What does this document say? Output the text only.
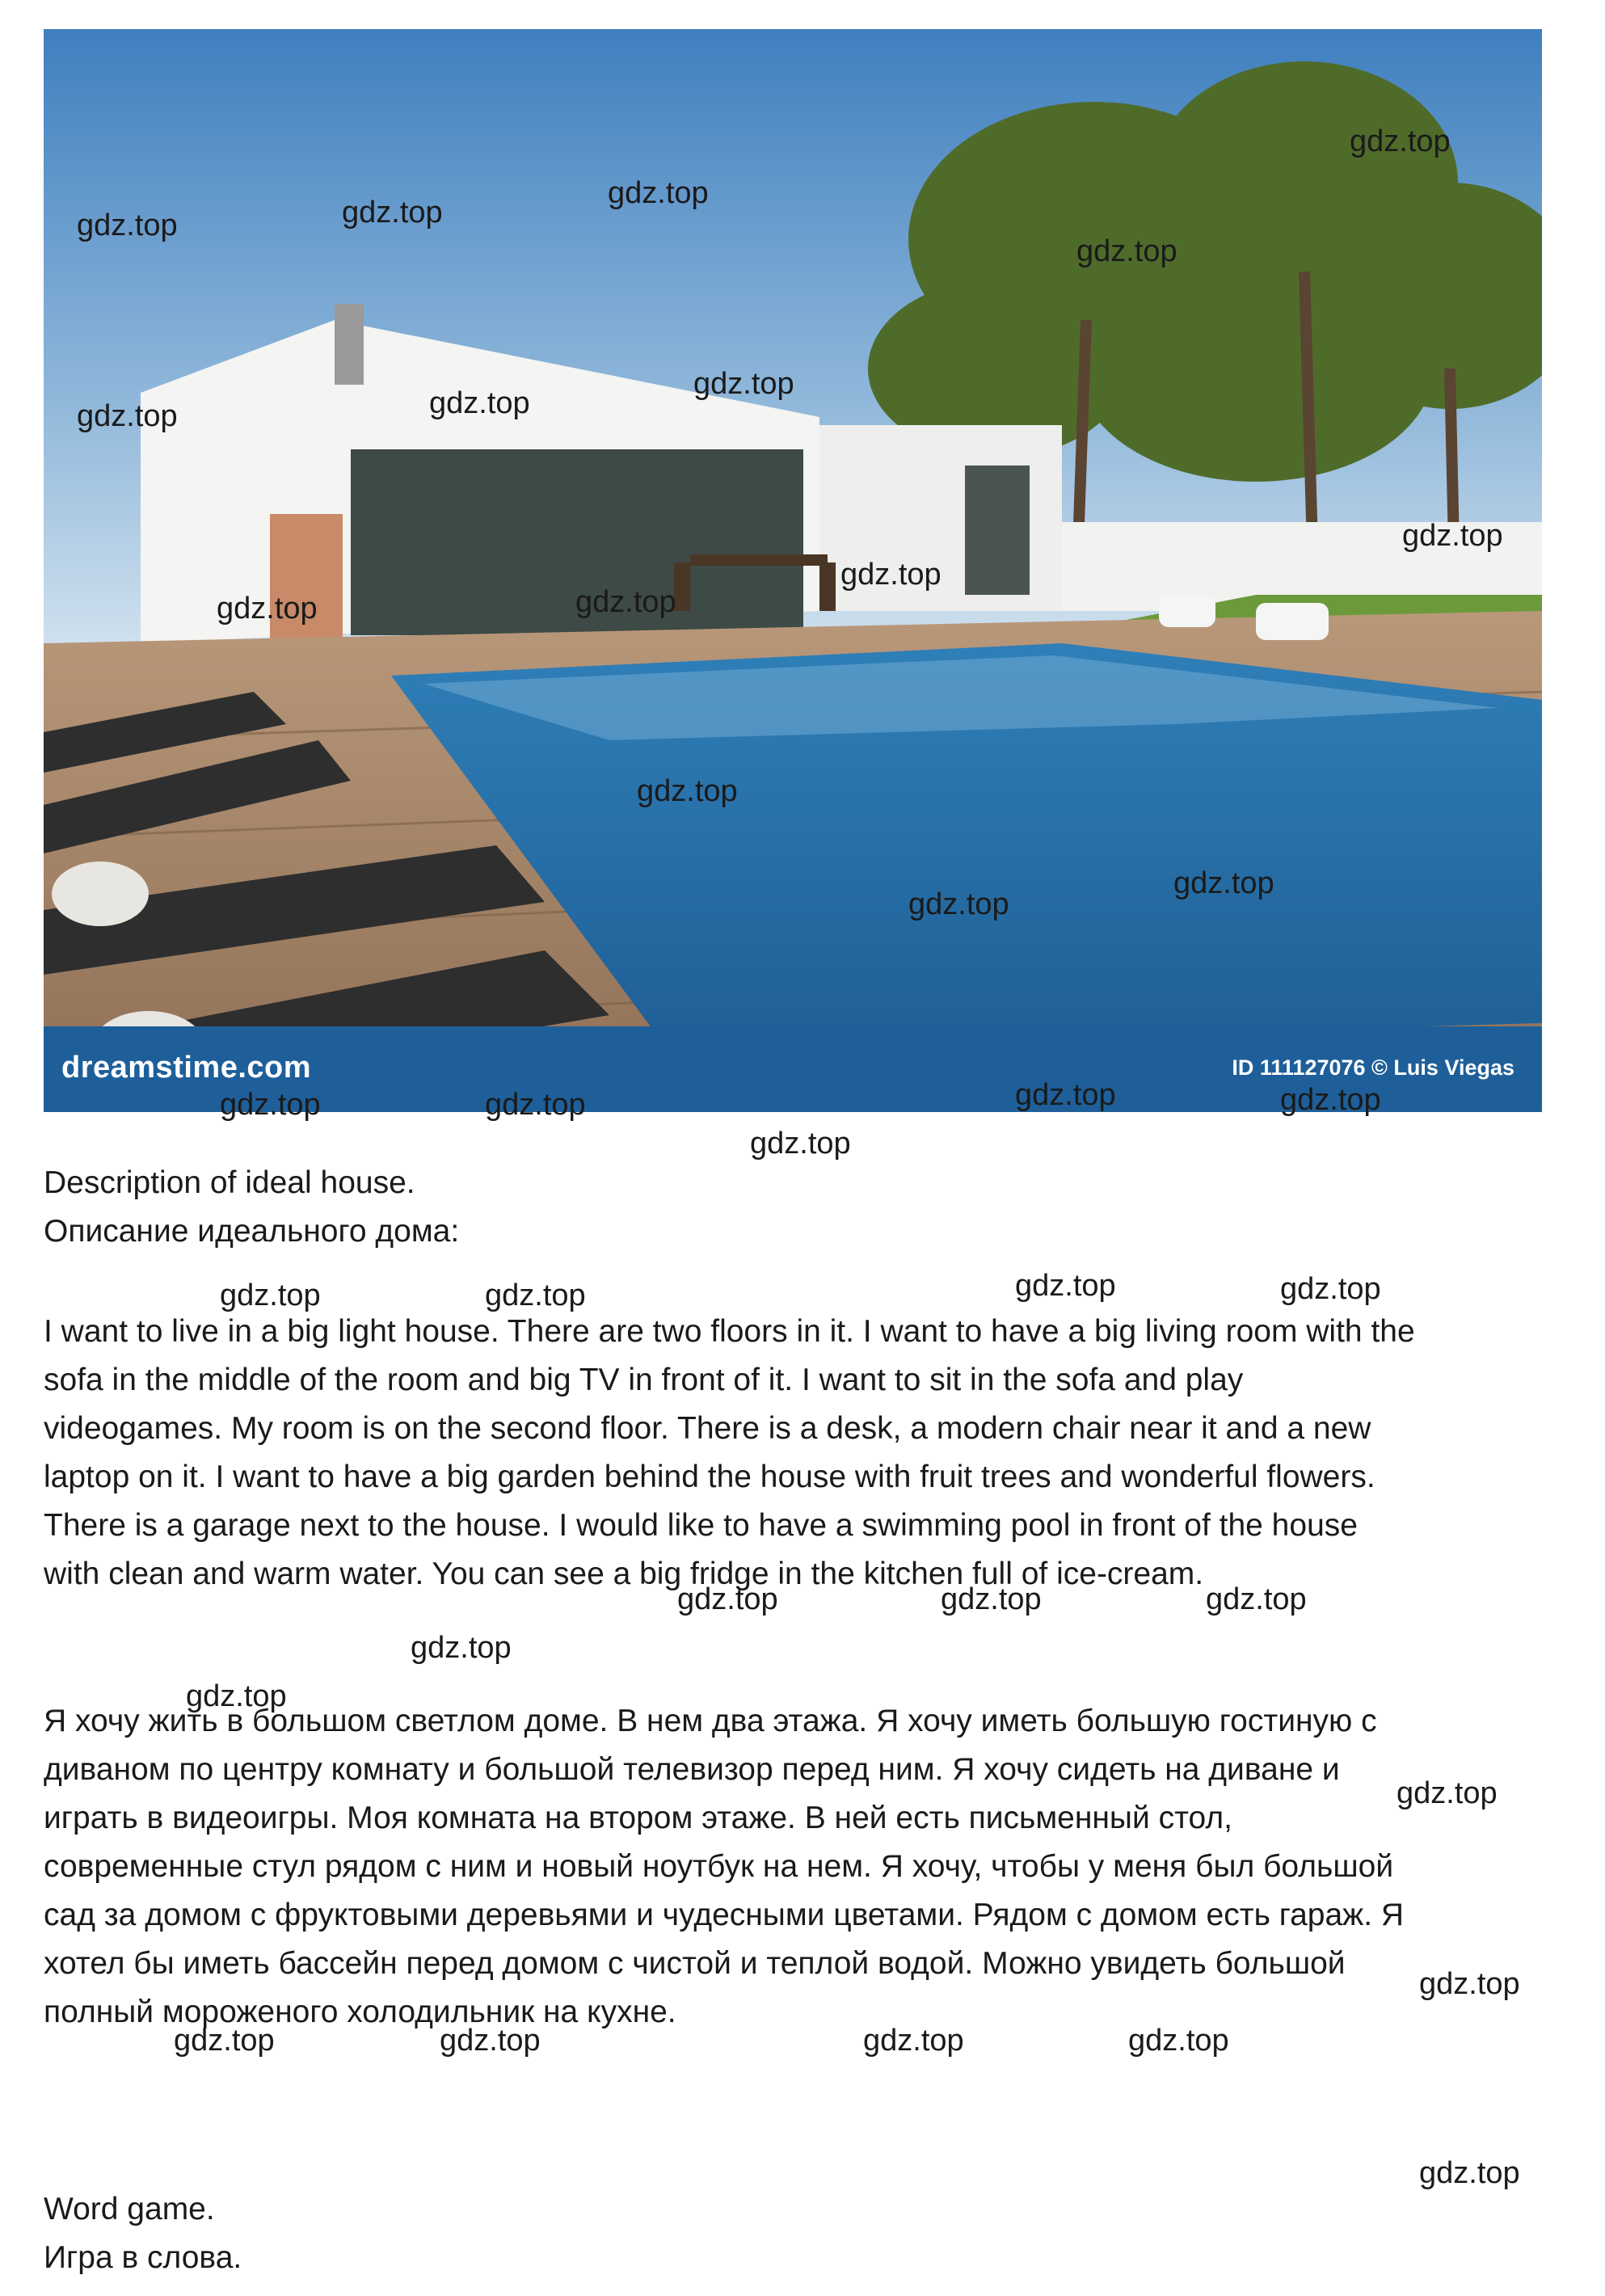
dreamstime.com	ID 111127076 © Luis Viegas
Description of ideal house.
Описание идеального дома:
I want to live in a big light house. There are two floors in it. I want to have a big living room with the sofa in the middle of the room and big TV in front of it. I want to sit in the sofa and play videogames. My room is on the second floor. There is a desk, a modern chair near it and a new laptop on it. I want to have a big garden behind the house with fruit trees and wonderful flowers. There is a garage next to the house. I would like to have a swimming pool in front of the house with clean and warm water. You can see a big fridge in the kitchen full of ice-cream.
Я хочу жить в большом светлом доме. В нем два этажа. Я хочу иметь большую гостиную с диваном по центру комнату и большой телевизор перед ним. Я хочу сидеть на диване и играть в видеоигры. Моя комната на втором этаже. В ней есть письменный стол, современные стул рядом с ним и новый ноутбук на нем. Я хочу, чтобы у меня был большой сад за домом с фруктовыми деревьями и чудесными цветами. Рядом с домом есть гараж. Я хотел бы иметь бассейн перед домом с чистой и теплой водой. Можно увидеть большой полный мороженого холодильник на кухне.
Word game.
Игра в слова.
gdz.top	gdz.top
gdz.top
gdz.top
gdz.top
gdz.top	gdz.top
gdz.top
gdz.top
gdz.top	gdz.top
gdz.top
gdz.top
gdz.top
gdz.top
gdz.top	gdz.top	gdz.top	gdz.top
gdz.top
gdz.top	gdz.top	gdz.top	gdz.top
gdz.top	gdz.top	gdz.top
gdz.top
gdz.top
gdz.top
gdz.top
gdz.top	gdz.top	gdz.top	gdz.top
gdz.top
